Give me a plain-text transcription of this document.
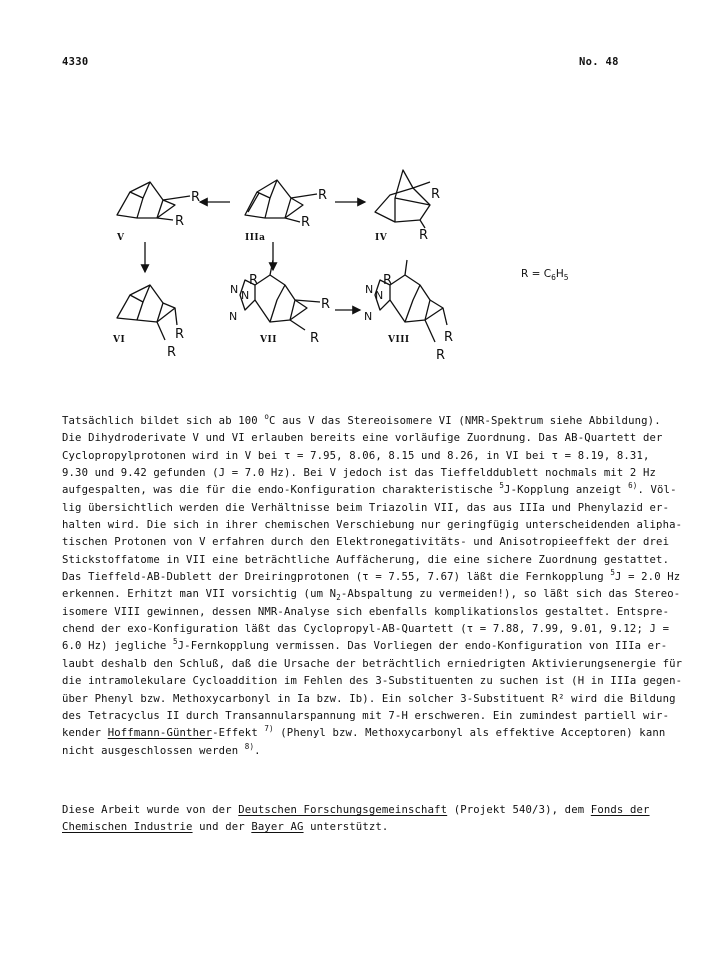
4330	No. 48
R
R
R
R
R
R
R
R
R
R
R
R
R
R
N N
N
N N
N
V	IIIa	IV
VI	VII	VIII
$R = C_6H_5$
Tatsächlich bildet sich ab 100 $^o$C aus V das Stereoisomere VI (NMR-Spektrum siehe Abbildung).
Die Dihydroderivate V und VI erlauben bereits eine vorläufige Zuordnung. Das AB-Quartett der
Cyclopropylprotonen wird in V bei τ = 7.95, 8.06, 8.15 und 8.26, in VI bei τ = 8.19, 8.31,
9.30 und 9.42 gefunden (J = 7.0 Hz). Bei V jedoch ist das Tieffelddublett nochmals mit 2 Hz
aufgespalten, was die für die endo-Konfiguration charakteristische $^5$J-Kopplung anzeigt $^{6)}$. Völ-
lig übersichtlich werden die Verhältnisse beim Triazolin VII, das aus IIIa und Phenylazid er-
halten wird. Die sich in ihrer chemischen Verschiebung nur geringfügig unterscheidenden alipha-
tischen Protonen von V erfahren durch den Elektronegativitäts- und Anisotropieeffekt der drei
Stickstoffatome in VII eine beträchtliche Auffächerung, die eine sichere Zuordnung gestattet.
Das Tieffeld-AB-Dublett der Dreiringprotonen (τ = 7.55, 7.67) läßt die Fernkopplung $^5$J = 2.0 Hz
erkennen. Erhitzt man VII vorsichtig (um $N_2$-Abspaltung zu vermeiden!), so läßt sich das Stereo-
isomere VIII gewinnen, dessen NMR-Analyse sich ebenfalls komplikationslos gestaltet. Entspre-
chend der exo-Konfiguration läßt das Cyclopropyl-AB-Quartett (τ = 7.88, 7.99, 9.01, 9.12; J =
6.0 Hz) jegliche $^5$J-Fernkopplung vermissen. Das Vorliegen der endo-Konfiguration von IIIa er-
laubt deshalb den Schluß, daß die Ursache der beträchtlich erniedrigten Aktivierungsenergie für
die intramolekulare Cycloaddition im Fehlen des 3-Substituenten zu suchen ist (H in IIIa gegen-
über Phenyl bzw. Methoxycarbonyl in Ia bzw. Ib). Ein solcher 3-Substituent R² wird die Bildung
des Tetracyclus II durch Transannularspannung mit 7-H erschweren. Ein zumindest partiell wir-
kender Hoffmann-Günther-Effekt $^{7)}$ (Phenyl bzw. Methoxycarbonyl als effektive Acceptoren) kann
nicht ausgeschlossen werden $^{8)}$.
Diese Arbeit wurde von der Deutschen Forschungsgemeinschaft (Projekt 540/3), dem Fonds der
Chemischen Industrie und der Bayer AG unterstützt.
